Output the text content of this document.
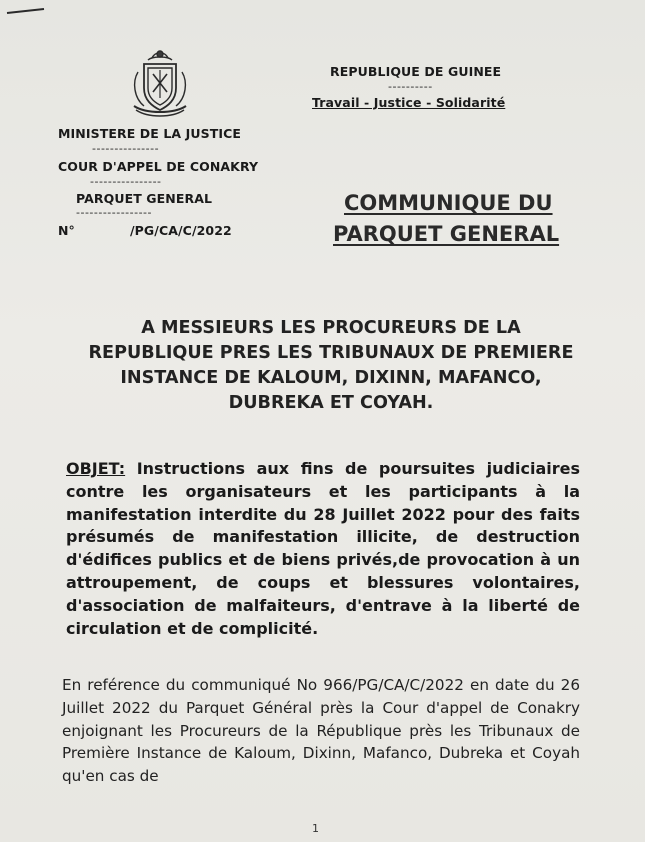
MINISTERE DE LA JUSTICE
---------------
COUR D'APPEL DE CONAKRY
----------------
PARQUET GENERAL
-----------------
N°	/PG/CA/C/2022
REPUBLIQUE DE GUINEE
----------
Travail - Justice - Solidarité
COMMUNIQUE DU
PARQUET GENERAL
A MESSIEURS LES PROCUREURS DE LA REPUBLIQUE PRES LES TRIBUNAUX DE PREMIERE INSTANCE DE KALOUM, DIXINN, MAFANCO, DUBREKA ET COYAH.
OBJET: Instructions aux fins de poursuites judiciaires contre les organisateurs et les participants à la manifestation interdite du 28 Juillet 2022 pour des faits présumés de manifestation illicite, de destruction d'édifices publics et de biens privés,de provocation à un attroupement, de coups et blessures volontaires, d'association de malfaiteurs, d'entrave à la liberté de circulation et de complicité.
En reférence du communiqué No 966/PG/CA/C/2022 en date du 26 Juillet 2022 du Parquet Général près la Cour d'appel de Conakry enjoignant les Procureurs de la République près les Tribunaux de Première Instance de Kaloum, Dixinn, Mafanco, Dubreka et Coyah qu'en cas de
1
